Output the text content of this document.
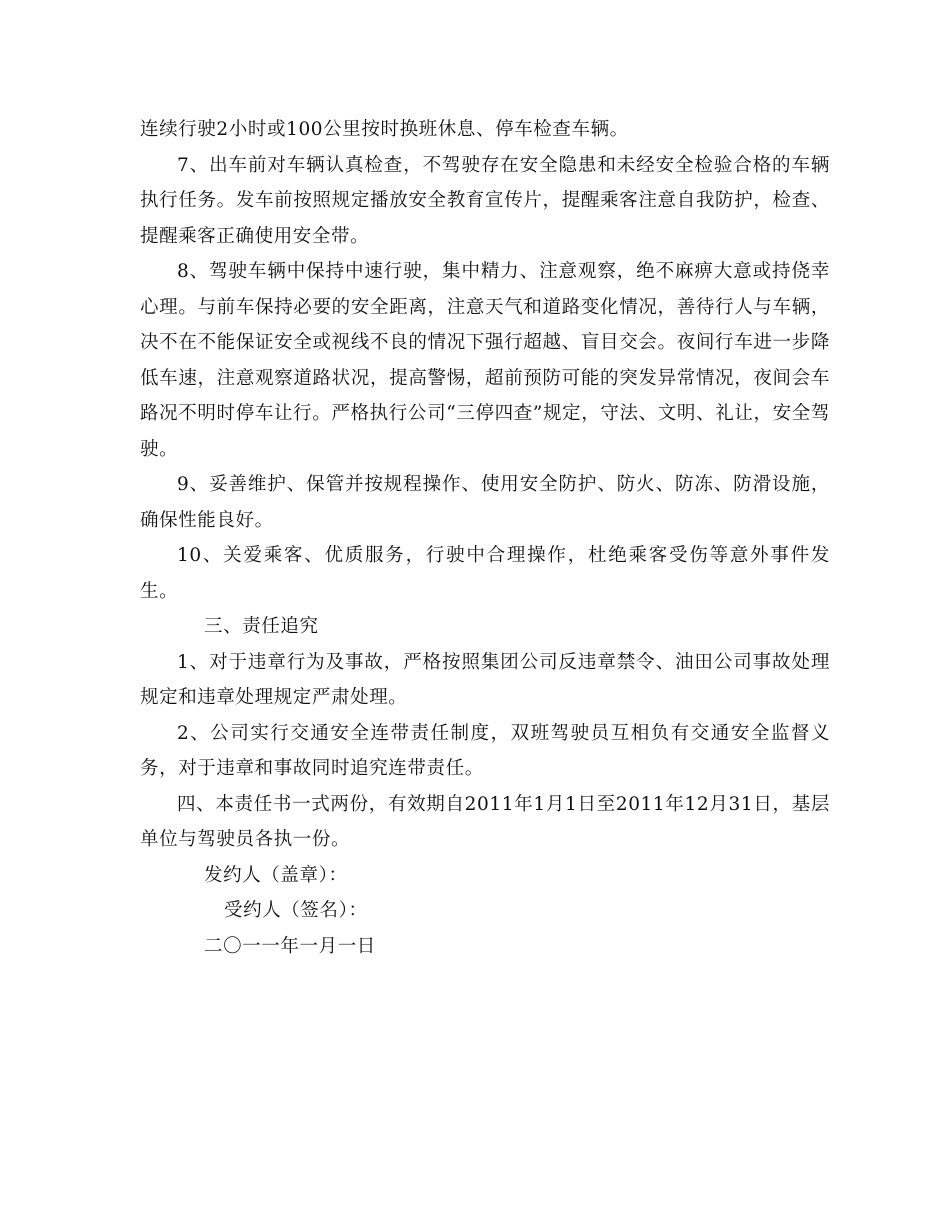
连续行驶2小时或100公里按时换班休息、停车检查车辆。

7、出车前对车辆认真检查，不驾驶存在安全隐患和未经安全检验合格的车辆执行任务。发车前按照规定播放安全教育宣传片，提醒乘客注意自我防护，检查、提醒乘客正确使用安全带。

8、驾驶车辆中保持中速行驶，集中精力、注意观察，绝不麻痹大意或持侥幸心理。与前车保持必要的安全距离，注意天气和道路变化情况，善待行人与车辆，决不在不能保证安全或视线不良的情况下强行超越、盲目交会。夜间行车进一步降低车速，注意观察道路状况，提高警惕，超前预防可能的突发异常情况，夜间会车路况不明时停车让行。严格执行公司“三停四查”规定，守法、文明、礼让，安全驾驶。

9、妥善维护、保管并按规程操作、使用安全防护、防火、防冻、防滑设施，确保性能良好。

10、关爱乘客、优质服务，行驶中合理操作，杜绝乘客受伤等意外事件发生。

三、责任追究

1、对于违章行为及事故，严格按照集团公司反违章禁令、油田公司事故处理规定和违章处理规定严肃处理。

2、公司实行交通安全连带责任制度，双班驾驶员互相负有交通安全监督义务，对于违章和事故同时追究连带责任。

四、本责任书一式两份，有效期自2011年1月1日至2011年12月31日，基层单位与驾驶员各执一份。

发约人（盖章）：

受约人（签名）：

二〇一一年一月一日
